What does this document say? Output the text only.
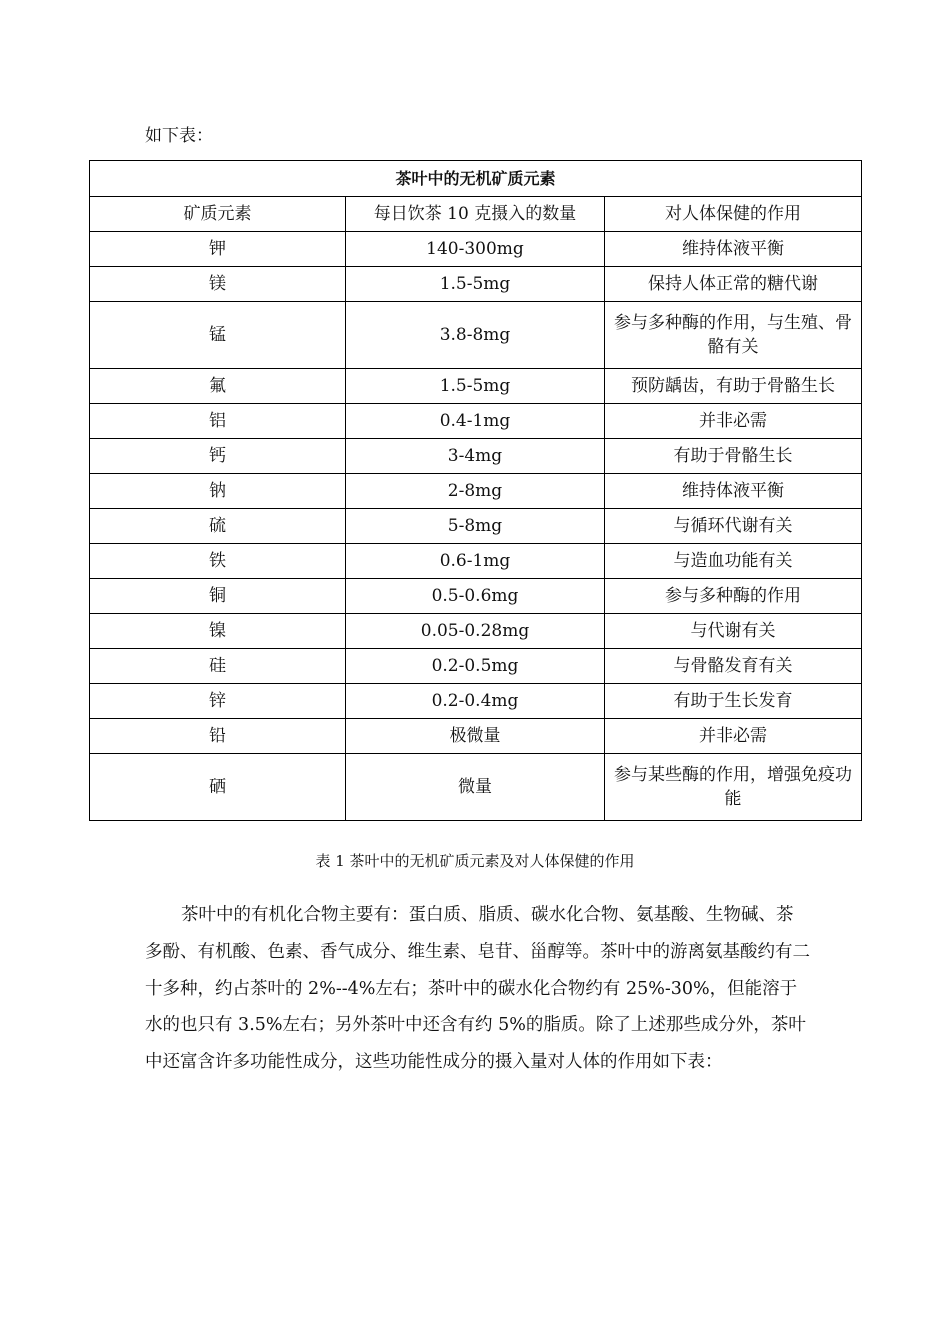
如下表：

茶叶中的无机矿质元素		
矿质元素	每日饮茶 10 克摄入的数量	对人体保健的作用
钾	140-300mg	维持体液平衡
镁	1.5-5mg	保持人体正常的糖代谢
锰	3.8-8mg	参与多种酶的作用，与生殖、骨骼有关
氟	1.5-5mg	预防龋齿，有助于骨骼生长
铝	0.4-1mg	并非必需
钙	3-4mg	有助于骨骼生长
钠	2-8mg	维持体液平衡
硫	5-8mg	与循环代谢有关
铁	0.6-1mg	与造血功能有关
铜	0.5-0.6mg	参与多种酶的作用
镍	0.05-0.28mg	与代谢有关
硅	0.2-0.5mg	与骨骼发育有关
锌	0.2-0.4mg	有助于生长发育
铅	极微量	并非必需
硒	微量	参与某些酶的作用，增强免疫功能

表 1 茶叶中的无机矿质元素及对人体保健的作用

茶叶中的有机化合物主要有：蛋白质、脂质、碳水化合物、氨基酸、生物碱、茶多酚、有机酸、色素、香气成分、维生素、皂苷、甾醇等。茶叶中的游离氨基酸约有二十多种，约占茶叶的 2%--4%左右；茶叶中的碳水化合物约有 25%-30%，但能溶于水的也只有 3.5%左右；另外茶叶中还含有约 5%的脂质。除了上述那些成分外，茶叶中还富含许多功能性成分，这些功能性成分的摄入量对人体的作用如下表：
